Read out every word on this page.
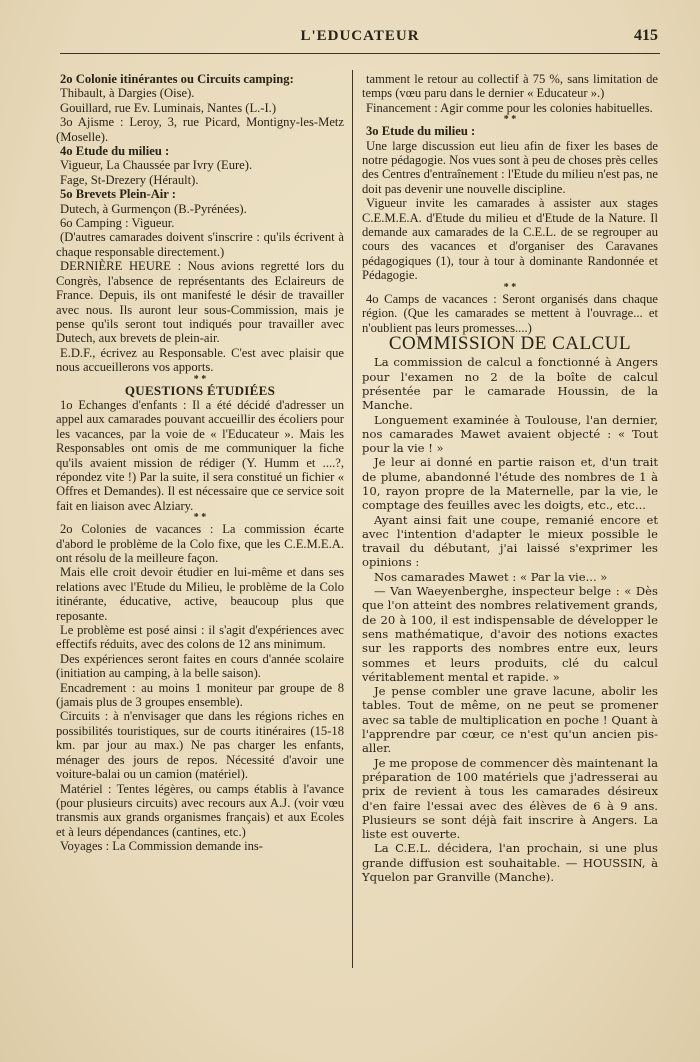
L'EDUCATEUR	415

2o Colonie itinérantes ou Circuits camping:

Thibault, à Dargies (Oise).

Gouillard, rue Ev. Luminais, Nantes (L.-I.)

3o Ajisme : Leroy, 3, rue Picard, Montigny-les-Metz (Moselle).

4o Etude du milieu :

Vigueur, La Chaussée par Ivry (Eure).

Fage, St-Drezery (Hérault).

5o Brevets Plein-Air :

Dutech, à Gurmençon (B.-Pyrénées).

6o Camping : Vigueur.

(D'autres camarades doivent s'inscrire : qu'ils écrivent à chaque responsable directement.)

DERNIÈRE HEURE : Nous avions regretté lors du Congrès, l'absence de représentants des Eclaireurs de France. Depuis, ils ont manifesté le désir de travailler avec nous. Ils auront leur sous-Commission, mais je pense qu'ils seront tout indiqués pour travailler avec Dutech, aux brevets de plein-air.

E.D.F., écrivez au Responsable. C'est avec plaisir que nous accueillerons vos apports.

* *

QUESTIONS ÉTUDIÉES

1o Echanges d'enfants : Il a été décidé d'adresser un appel aux camarades pouvant accueillir des écoliers pour les vacances, par la voie de « l'Educateur ». Mais les Responsables ont omis de me communiquer la fiche qu'ils avaient mission de rédiger (Y. Humm et ....?, répondez vite !) Par la suite, il sera constitué un fichier « Offres et Demandes). Il est nécessaire que ce service soit fait en liaison avec Alziary.

* *

2o Colonies de vacances : La commission écarte d'abord le problème de la Colo fixe, que les C.E.M.E.A. ont résolu de la meilleure façon.

Mais elle croit devoir étudier en lui-même et dans ses relations avec l'Etude du Milieu, le problème de la Colo itinérante, éducative, active, beaucoup plus que reposante.

Le problème est posé ainsi : il s'agit d'expériences avec effectifs réduits, avec des colons de 12 ans minimum.

Des expériences seront faites en cours d'année scolaire (initiation au camping, à la belle saison).

Encadrement : au moins 1 moniteur par groupe de 8 (jamais plus de 3 groupes ensemble).

Circuits : à n'envisager que dans les régions riches en possibilités touristiques, sur de courts itinéraires (15-18 km. par jour au max.) Ne pas charger les enfants, ménager des jours de repos. Nécessité d'avoir une voiture-balai ou un camion (matériel).

Matériel : Tentes légères, ou camps établis à l'avance (pour plusieurs circuits) avec recours aux A.J. (voir vœu transmis aux grands organismes français) et aux Ecoles et à leurs dépendances (cantines, etc.)

Voyages : La Commission demande ins-

tamment le retour au collectif à 75 %, sans limitation de temps (vœu paru dans le dernier « Educateur ».)

Financement : Agir comme pour les colonies habituelles.

* *

3o Etude du milieu :

Une large discussion eut lieu afin de fixer les bases de notre pédagogie. Nos vues sont à peu de choses près celles des Centres d'entraînement : l'Etude du milieu n'est pas, ne doit pas devenir une nouvelle discipline.

Vigueur invite les camarades à assister aux stages C.E.M.E.A. d'Etude du milieu et d'Etude de la Nature. Il demande aux camarades de la C.E.L. de se regrouper au cours des vacances et d'organiser des Caravanes pédagogiques (1), tour à tour à dominante Randonnée et Pédagogie.

* *

4o Camps de vacances : Seront organisés dans chaque région. (Que les camarades se mettent à l'ouvrage... et n'oublient pas leurs promesses....)

COMMISSION DE CALCUL

La commission de calcul a fonctionné à Angers pour l'examen no 2 de la boîte de calcul présentée par le camarade Houssin, de la Manche.

Longuement examinée à Toulouse, l'an dernier, nos camarades Mawet avaient objecté : « Tout pour la vie ! »

Je leur ai donné en partie raison et, d'un trait de plume, abandonné l'étude des nombres de 1 à 10, rayon propre de la Maternelle, par la vie, le comptage des feuilles avec les doigts, etc., etc...

Ayant ainsi fait une coupe, remanié encore et avec l'intention d'adapter le mieux possible le travail du débutant, j'ai laissé s'exprimer les opinions :

Nos camarades Mawet : « Par la vie... »

— Van Waeyenberghe, inspecteur belge : « Dès que l'on atteint des nombres relativement grands, de 20 à 100, il est indispensable de développer le sens mathématique, d'avoir des notions exactes sur les rapports des nombres entre eux, leurs sommes et leurs produits, clé du calcul véritablement mental et rapide. »

Je pense combler une grave lacune, abolir les tables. Tout de même, on ne peut se promener avec sa table de multiplication en poche ! Quant à l'apprendre par cœur, ce n'est qu'un ancien pis-aller.

Je me propose de commencer dès maintenant la préparation de 100 matériels que j'adresserai au prix de revient à tous les camarades désireux d'en faire l'essai avec des élèves de 6 à 9 ans. Plusieurs se sont déjà fait inscrire à Angers. La liste est ouverte.

La C.E.L. décidera, l'an prochain, si une plus grande diffusion est souhaitable. — HOUSSIN, à Yquelon par Granville (Manche).
